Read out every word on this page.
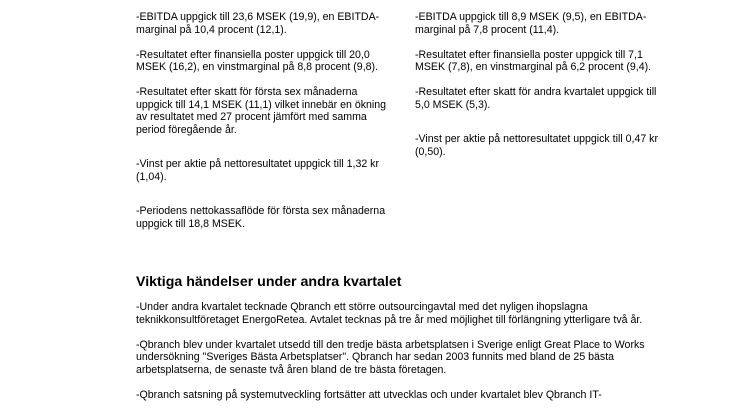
-EBITDA uppgick till 23,6 MSEK (19,9), en EBITDA-marginal på 10,4 procent (12,1).

-Resultatet efter finansiella poster uppgick till 20,0 MSEK (16,2), en vinstmarginal på 8,8 procent (9,8).

-Resultatet efter skatt för första sex månaderna uppgick till 14,1 MSEK (11,1) vilket innebär en ökning av resultatet med 27 procent jämfört med samma period föregående år.

-Vinst per aktie på nettoresultatet uppgick till 1,32 kr (1,04).

-Periodens nettokassaflöde för första sex månaderna uppgick till 18,8 MSEK.

-EBITDA uppgick till 8,9 MSEK (9,5), en EBITDA-marginal på 7,8 procent (11,4).

-Resultatet efter finansiella poster uppgick till 7,1 MSEK (7,8), en vinstmarginal på 6,2 procent (9,4).

-Resultatet efter skatt för andra kvartalet uppgick till 5,0 MSEK (5,3).

-Vinst per aktie på nettoresultatet uppgick till 0,47 kr (0,50).

Viktiga händelser under andra kvartalet

-Under andra kvartalet tecknade Qbranch ett större outsourcingavtal med det nyligen ihopslagna teknikkonsultföretaget EnergoRetea. Avtalet tecknas på tre år med möjlighet till förlängning ytterligare två år.

-Qbranch blev under kvartalet utsedd till den tredje bästa arbetsplatsen i Sverige enligt Great Place to Works undersökning "Sveriges Bästa Arbetsplatser". Qbranch har sedan 2003 funnits med bland de 25 bästa arbetsplatserna, de senaste två åren bland de tre bästa företagen.

-Qbranch satsning på systemutveckling fortsätter att utvecklas och under kvartalet blev Qbranch IT-
